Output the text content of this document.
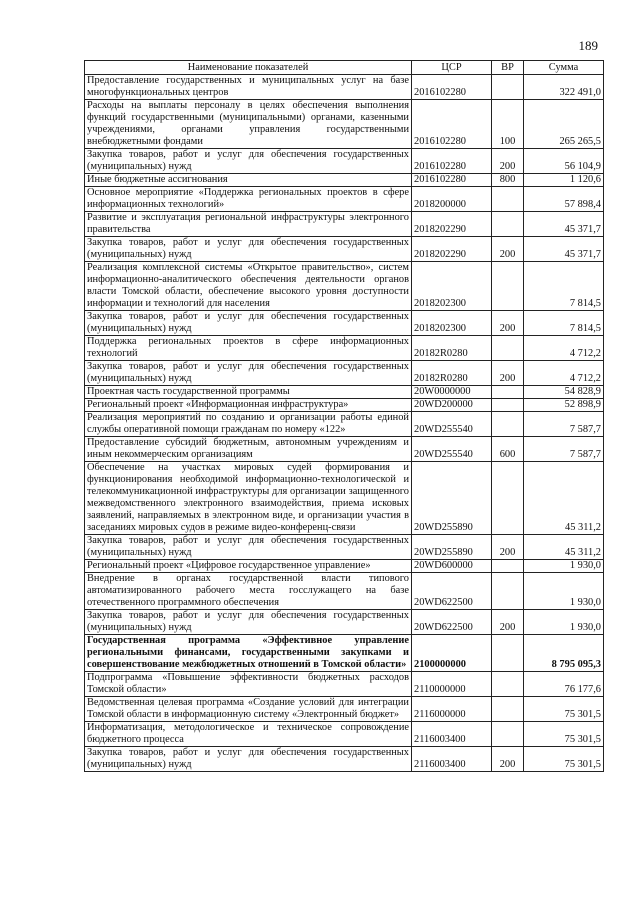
189
Наименование показателей	ЦСР	ВР	Сумма
Предоставление государственных и муниципальных услуг на базе многофункциональных центров	2016102280		322 491,0
Расходы на выплаты персоналу в целях обеспечения выполнения функций государственными (муниципальными) органами, казенными учреждениями, органами управления государственными внебюджетными фондами	2016102280	100	265 265,5
Закупка товаров, работ и услуг для обеспечения государственных (муниципальных) нужд	2016102280	200	56 104,9
Иные бюджетные ассигнования	2016102280	800	1 120,6
Основное мероприятие «Поддержка региональных проектов в сфере информационных технологий»	2018200000		57 898,4
Развитие и эксплуатация региональной инфраструктуры электронного правительства	2018202290		45 371,7
Закупка товаров, работ и услуг для обеспечения государственных (муниципальных) нужд	2018202290	200	45 371,7
Реализация комплексной системы «Открытое правительство», систем информационно-аналитического обеспечения деятельности органов власти Томской области, обеспечение высокого уровня доступности информации и технологий для населения	2018202300		7 814,5
Закупка товаров, работ и услуг для обеспечения государственных (муниципальных) нужд	2018202300	200	7 814,5
Поддержка региональных проектов в сфере информационных технологий	20182R0280		4 712,2
Закупка товаров, работ и услуг для обеспечения государственных (муниципальных) нужд	20182R0280	200	4 712,2
Проектная часть государственной программы	20W0000000		54 828,9
Региональный проект «Информационная инфраструктура»	20WD200000		52 898,9
Реализация мероприятий по созданию и организации работы единой службы оперативной помощи гражданам по номеру «122»	20WD255540		7 587,7
Предоставление субсидий бюджетным, автономным учреждениям и иным некоммерческим организациям	20WD255540	600	7 587,7
Обеспечение на участках мировых судей формирования и функционирования необходимой информационно-технологической и телекоммуникационной инфраструктуры для организации защищенного межведомственного электронного взаимодействия, приема исковых заявлений, направляемых в электронном виде, и организации участия в заседаниях мировых судов в режиме видео-конференц-связи	20WD255890		45 311,2
Закупка товаров, работ и услуг для обеспечения государственных (муниципальных) нужд	20WD255890	200	45 311,2
Региональный проект «Цифровое государственное управление»	20WD600000		1 930,0
Внедрение в органах государственной власти типового автоматизированного рабочего места госслужащего на базе отечественного программного обеспечения	20WD622500		1 930,0
Закупка товаров, работ и услуг для обеспечения государственных (муниципальных) нужд	20WD622500	200	1 930,0
Государственная программа «Эффективное управление региональными финансами, государственными закупками и совершенствование межбюджетных отношений в Томской области»	2100000000		8 795 095,3
Подпрограмма «Повышение эффективности бюджетных расходов Томской области»	2110000000		76 177,6
Ведомственная целевая программа «Создание условий для интеграции Томской области в информационную систему «Электронный бюджет»	2116000000		75 301,5
Информатизация, методологическое и техническое сопровождение бюджетного процесса	2116003400		75 301,5
Закупка товаров, работ и услуг для обеспечения государственных (муниципальных) нужд	2116003400	200	75 301,5
